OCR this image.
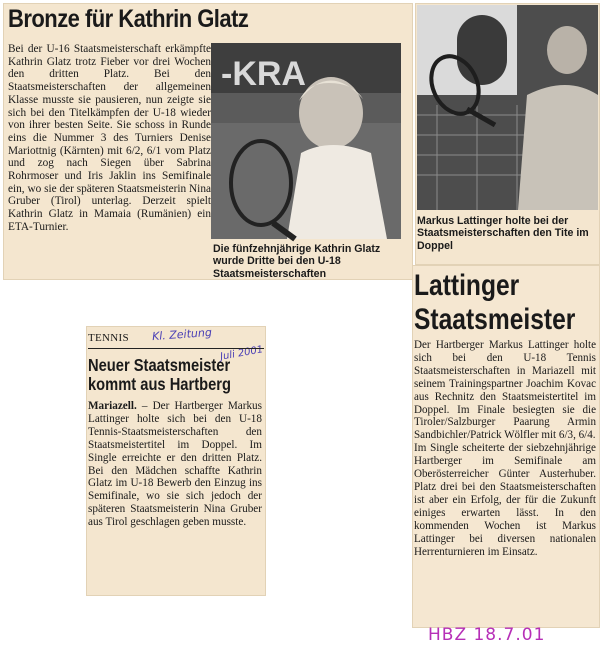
Bronze für Kathrin Glatz
Bei der U-16 Staatsmeisterschaft erkämpfte Kathrin Glatz trotz Fieber vor drei Wochen den dritten Platz. Bei den Staatsmeisterschaften der allgemeinen Klasse musste sie pausieren, nun zeigte sie sich bei den Titelkämpfen der U-18 wieder von ihrer besten Seite. Sie schoss in Runde eins die Nummer 3 des Turniers Denise Mariottnig (Kärnten) mit 6/2, 6/1 vom Platz und zog nach Siegen über Sabrina Rohrmoser und Iris Jaklin ins Semifinale ein, wo sie der späteren Staatsmeisterin Nina Gruber (Tirol) unterlag. Derzeit spielt Kathrin Glatz in Mamaia (Rumänien) ein ETA-Turnier.
-KRA
Die fünfzehnjährige Kathrin Glatz wurde Dritte bei den U-18 Staatsmeisterschaften
Markus Lattinger holte bei der Staatsmeisterschaften den Tite im Doppel
Lattinger
Staatsmeister
Der Hartberger Markus Lattinger holte sich bei den U-18 Tennis Staatsmeisterschaften in Mariazell mit seinem Trainingspartner Joachim Kovac aus Rechnitz den Staatsmeistertitel im Doppel. Im Finale besiegten sie die Tiroler/Salzburger Paarung Armin Sandbichler/Patrick Wölfler mit 6/3, 6/4.
Im Single scheiterte der siebzehnjährige Hartberger im Semifinale am Oberösterreicher Günter Austerhuber. Platz drei bei den Staatsmeisterschaften ist aber ein Erfolg, der für die Zukunft einiges erwarten lässt. In den kommenden Wochen ist Markus Lattinger bei diversen nationalen Herrenturnieren im Einsatz.
HBZ 18.7.01
TENNIS Kl. Zeitung
Juli 2001
Neuer Staatsmeister
kommt aus Hartberg
Mariazell. – Der Hartberger Markus Lattinger holte sich bei den U-18 Tennis-Staatsmeisterschaften den Staatsmeistertitel im Doppel. Im Single erreichte er den dritten Platz. Bei den Mädchen schaffte Kathrin Glatz im U-18 Bewerb den Einzug ins Semifinale, wo sie sich jedoch der späteren Staatsmeisterin Nina Gruber aus Tirol geschlagen geben musste.
